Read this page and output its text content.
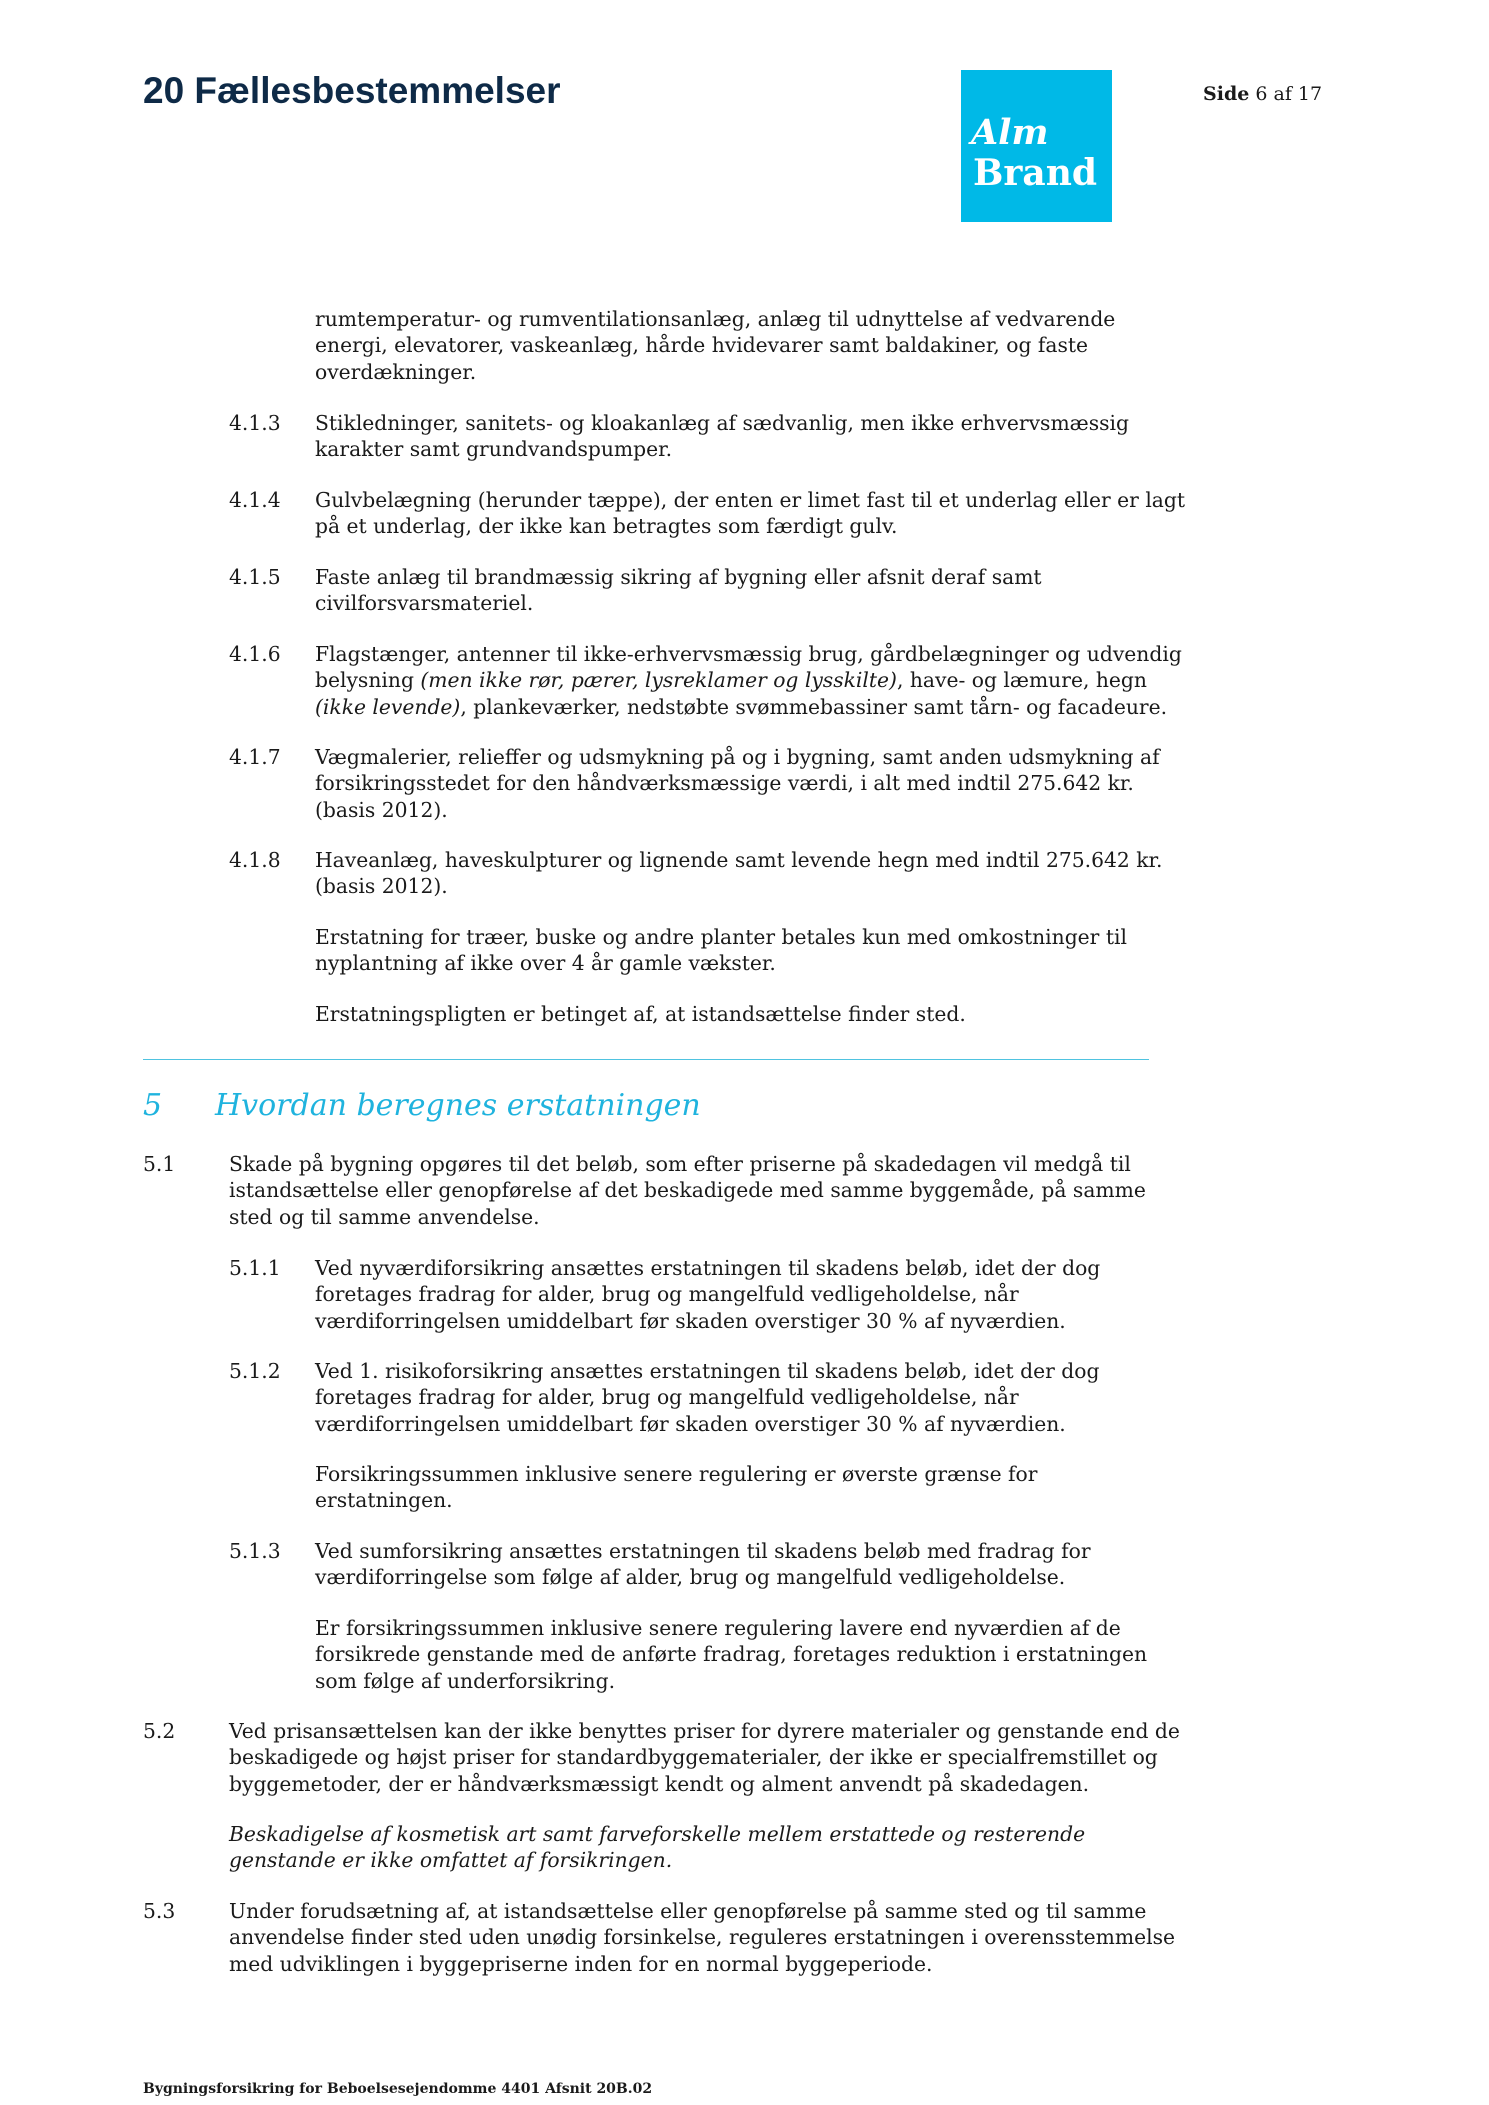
20 Fællesbestemmelser
Alm
Brand
Side 6 af 17

rumtemperatur- og rumventilationsanlæg, anlæg til udnyttelse af vedvarende

energi, elevatorer, vaskeanlæg, hårde hvidevarer samt baldakiner, og faste

overdækninger.

4.1.3 Stikledninger, sanitets- og kloakanlæg af sædvanlig, men ikke erhvervsmæssig

karakter samt grundvandspumper.

4.1.4 Gulvbelægning (herunder tæppe), der enten er limet fast til et underlag eller er lagt

på et underlag, der ikke kan betragtes som færdigt gulv.

4.1.5 Faste anlæg til brandmæssig sikring af bygning eller afsnit deraf samt

civilforsvarsmateriel.

4.1.6 Flagstænger, antenner til ikke-erhvervsmæssig brug, gårdbelægninger og udvendig

belysning (men ikke rør, pærer, lysreklamer og lysskilte), have- og læmure, hegn

(ikke levende), plankeværker, nedstøbte svømmebassiner samt tårn- og facadeure.

4.1.7 Vægmalerier, relieffer og udsmykning på og i bygning, samt anden udsmykning af

forsikringsstedet for den håndværksmæssige værdi, i alt med indtil 275.642 kr.

(basis 2012).

4.1.8 Haveanlæg, haveskulpturer og lignende samt levende hegn med indtil 275.642 kr.

(basis 2012).

Erstatning for træer, buske og andre planter betales kun med omkostninger til

nyplantning af ikke over 4 år gamle vækster.

Erstatningspligten er betinget af, at istandsættelse finder sted.

5 Hvordan beregnes erstatningen
5.1	Skade på bygning opgøres til det beløb, som efter priserne på skadedagen vil medgå til

istandsættelse eller genopførelse af det beskadigede med samme byggemåde, på samme

sted og til samme anvendelse.

5.1.1 Ved nyværdiforsikring ansættes erstatningen til skadens beløb, idet der dog

foretages fradrag for alder, brug og mangelfuld vedligeholdelse, når

værdiforringelsen umiddelbart før skaden overstiger 30 % af nyværdien.

5.1.2 Ved 1. risikoforsikring ansættes erstatningen til skadens beløb, idet der dog

foretages fradrag for alder, brug og mangelfuld vedligeholdelse, når

værdiforringelsen umiddelbart før skaden overstiger 30 % af nyværdien.

Forsikringssummen inklusive senere regulering er øverste grænse for

erstatningen.

5.1.3 Ved sumforsikring ansættes erstatningen til skadens beløb med fradrag for

værdiforringelse som følge af alder, brug og mangelfuld vedligeholdelse.

Er forsikringssummen inklusive senere regulering lavere end nyværdien af de

forsikrede genstande med de anførte fradrag, foretages reduktion i erstatningen

som følge af underforsikring.

5.2	Ved prisansættelsen kan der ikke benyttes priser for dyrere materialer og genstande end de

beskadigede og højst priser for standardbyggematerialer, der ikke er specialfremstillet og

byggemetoder, der er håndværksmæssigt kendt og alment anvendt på skadedagen.

Beskadigelse af kosmetisk art samt farveforskelle mellem erstattede og resterende

genstande er ikke omfattet af forsikringen.

5.3	Under forudsætning af, at istandsættelse eller genopførelse på samme sted og til samme

anvendelse finder sted uden unødig forsinkelse, reguleres erstatningen i overensstemmelse

med udviklingen i byggepriserne inden for en normal byggeperiode.

Bygningsforsikring for Beboelsesejendomme 4401 Afsnit 20B.02
